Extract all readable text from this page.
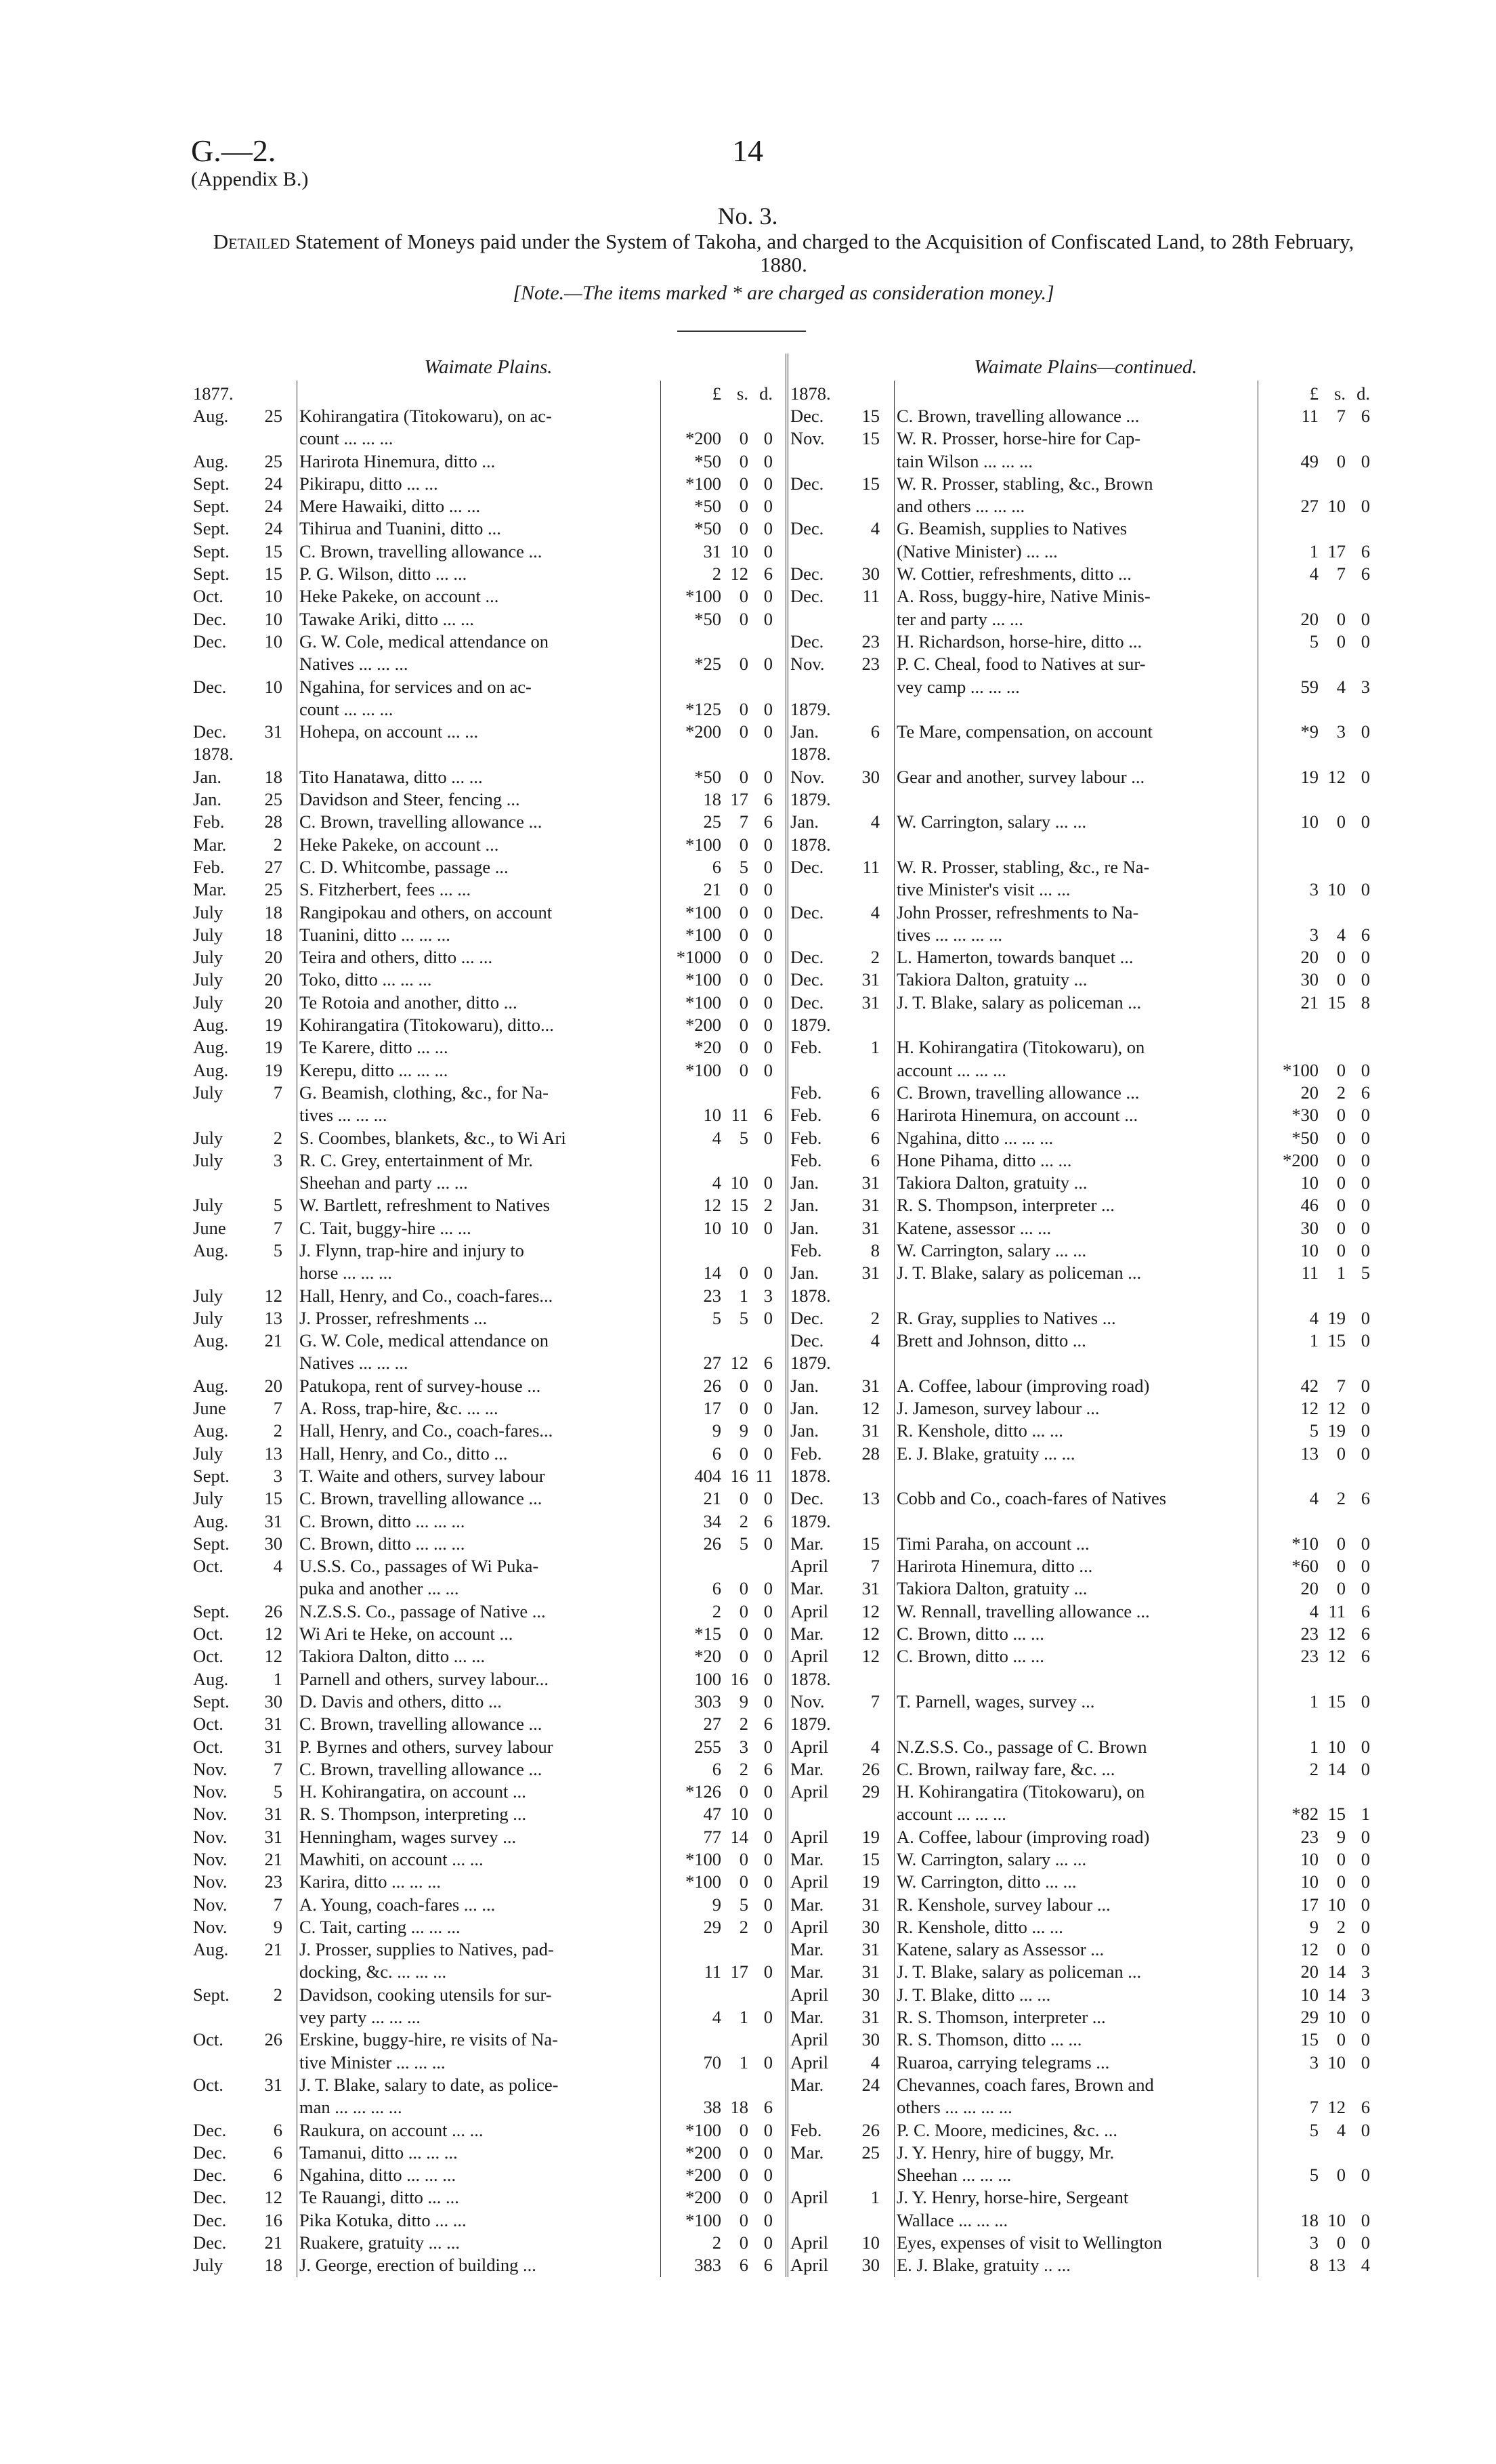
G.—2.
(Appendix B.)
14
No. 3.
Detailed Statement of Moneys paid under the System of Takoha, and charged to the Acquisition of Confiscated Land, to 28th February, 1880.
[Note.—The items marked * are charged as consideration money.]
Waimate Plains.
1877.		£ s. d.
Aug. 25	Kohirangatira (Titokowaru), on ac-	
	count ... ... ...	*200 0 0
Aug. 25	Harirota Hinemura, ditto ...	*50 0 0
Sept. 24	Pikirapu, ditto ... ...	*100 0 0
Sept. 24	Mere Hawaiki, ditto ... ...	*50 0 0
Sept. 24	Tihirua and Tuanini, ditto ...	*50 0 0
Sept. 15	C. Brown, travelling allowance ...	31 10 0
Sept. 15	P. G. Wilson, ditto ... ...	2 12 6
Oct. 10	Heke Pakeke, on account ...	*100 0 0
Dec. 10	Tawake Ariki, ditto ... ...	*50 0 0
Dec. 10	G. W. Cole, medical attendance on	
	Natives ... ... ...	*25 0 0
Dec. 10	Ngahina, for services and on ac-	
	count ... ... ...	*125 0 0
Dec. 31	Hohepa, on account ... ...	*200 0 0
1878.		
Jan. 18	Tito Hanatawa, ditto ... ...	*50 0 0
Jan. 25	Davidson and Steer, fencing ...	18 17 6
Feb. 28	C. Brown, travelling allowance ...	25 7 6
Mar. 2	Heke Pakeke, on account ...	*100 0 0
Feb. 27	C. D. Whitcombe, passage ...	6 5 0
Mar. 25	S. Fitzherbert, fees ... ...	21 0 0
July 18	Rangipokau and others, on account	*100 0 0
July 18	Tuanini, ditto ... ... ...	*100 0 0
July 20	Teira and others, ditto ... ...	*1000 0 0
July 20	Toko, ditto ... ... ...	*100 0 0
July 20	Te Rotoia and another, ditto ...	*100 0 0
Aug. 19	Kohirangatira (Titokowaru), ditto...	*200 0 0
Aug. 19	Te Karere, ditto ... ...	*20 0 0
Aug. 19	Kerepu, ditto ... ... ...	*100 0 0
July 7	G. Beamish, clothing, &c., for Na-	
	tives ... ... ...	10 11 6
July 2	S. Coombes, blankets, &c., to Wi Ari	4 5 0
July 3	R. C. Grey, entertainment of Mr.	
	Sheehan and party ... ...	4 10 0
July 5	W. Bartlett, refreshment to Natives	12 15 2
June 7	C. Tait, buggy-hire ... ...	10 10 0
Aug. 5	J. Flynn, trap-hire and injury to	
	horse ... ... ...	14 0 0
July 12	Hall, Henry, and Co., coach-fares...	23 1 3
July 13	J. Prosser, refreshments ...	5 5 0
Aug. 21	G. W. Cole, medical attendance on	
	Natives ... ... ...	27 12 6
Aug. 20	Patukopa, rent of survey-house ...	26 0 0
June 7	A. Ross, trap-hire, &c. ... ...	17 0 0
Aug. 2	Hall, Henry, and Co., coach-fares...	9 9 0
July 13	Hall, Henry, and Co., ditto ...	6 0 0
Sept. 3	T. Waite and others, survey labour	404 16 11
July 15	C. Brown, travelling allowance ...	21 0 0
Aug. 31	C. Brown, ditto ... ... ...	34 2 6
Sept. 30	C. Brown, ditto ... ... ...	26 5 0
Oct. 4	U.S.S. Co., passages of Wi Puka-	
	puka and another ... ...	6 0 0
Sept. 26	N.Z.S.S. Co., passage of Native ...	2 0 0
Oct. 12	Wi Ari te Heke, on account ...	*15 0 0
Oct. 12	Takiora Dalton, ditto ... ...	*20 0 0
Aug. 1	Parnell and others, survey labour...	100 16 0
Sept. 30	D. Davis and others, ditto ...	303 9 0
Oct. 31	C. Brown, travelling allowance ...	27 2 6
Oct. 31	P. Byrnes and others, survey labour	255 3 0
Nov. 7	C. Brown, travelling allowance ...	6 2 6
Nov. 5	H. Kohirangatira, on account ...	*126 0 0
Nov. 31	R. S. Thompson, interpreting ...	47 10 0
Nov. 31	Henningham, wages survey ...	77 14 0
Nov. 21	Mawhiti, on account ... ...	*100 0 0
Nov. 23	Karira, ditto ... ... ...	*100 0 0
Nov. 7	A. Young, coach-fares ... ...	9 5 0
Nov. 9	C. Tait, carting ... ... ...	29 2 0
Aug. 21	J. Prosser, supplies to Natives, pad-	
	docking, &c. ... ... ...	11 17 0
Sept. 2	Davidson, cooking utensils for sur-	
	vey party ... ... ...	4 1 0
Oct. 26	Erskine, buggy-hire, re visits of Na-	
	tive Minister ... ... ...	70 1 0
Oct. 31	J. T. Blake, salary to date, as police-	
	man ... ... ... ...	38 18 6
Dec. 6	Raukura, on account ... ...	*100 0 0
Dec. 6	Tamanui, ditto ... ... ...	*200 0 0
Dec. 6	Ngahina, ditto ... ... ...	*200 0 0
Dec. 12	Te Rauangi, ditto ... ...	*200 0 0
Dec. 16	Pika Kotuka, ditto ... ...	*100 0 0
Dec. 21	Ruakere, gratuity ... ...	2 0 0
July 18	J. George, erection of building ...	383 6 6
Waimate Plains—continued.
1878.		£ s. d.
Dec. 15	C. Brown, travelling allowance ...	11 7 6
Nov. 15	W. R. Prosser, horse-hire for Cap-	
	tain Wilson ... ... ...	49 0 0
Dec. 15	W. R. Prosser, stabling, &c., Brown	
	and others ... ... ...	27 10 0
Dec. 4	G. Beamish, supplies to Natives	
	(Native Minister) ... ...	1 17 6
Dec. 30	W. Cottier, refreshments, ditto ...	4 7 6
Dec. 11	A. Ross, buggy-hire, Native Minis-	
	ter and party ... ...	20 0 0
Dec. 23	H. Richardson, horse-hire, ditto ...	5 0 0
Nov. 23	P. C. Cheal, food to Natives at sur-	
	vey camp ... ... ...	59 4 3
1879.		
Jan. 6	Te Mare, compensation, on account	*9 3 0
1878.		
Nov. 30	Gear and another, survey labour ...	19 12 0
1879.		
Jan. 4	W. Carrington, salary ... ...	10 0 0
1878.		
Dec. 11	W. R. Prosser, stabling, &c., re Na-	
	tive Minister's visit ... ...	3 10 0
Dec. 4	John Prosser, refreshments to Na-	
	tives ... ... ... ...	3 4 6
Dec. 2	L. Hamerton, towards banquet ...	20 0 0
Dec. 31	Takiora Dalton, gratuity ...	30 0 0
Dec. 31	J. T. Blake, salary as policeman ...	21 15 8
1879.		
Feb. 1	H. Kohirangatira (Titokowaru), on	
	account ... ... ...	*100 0 0
Feb. 6	C. Brown, travelling allowance ...	20 2 6
Feb. 6	Harirota Hinemura, on account ...	*30 0 0
Feb. 6	Ngahina, ditto ... ... ...	*50 0 0
Feb. 6	Hone Pihama, ditto ... ...	*200 0 0
Jan. 31	Takiora Dalton, gratuity ...	10 0 0
Jan. 31	R. S. Thompson, interpreter ...	46 0 0
Jan. 31	Katene, assessor ... ...	30 0 0
Feb. 8	W. Carrington, salary ... ...	10 0 0
Jan. 31	J. T. Blake, salary as policeman ...	11 1 5
1878.		
Dec. 2	R. Gray, supplies to Natives ...	4 19 0
Dec. 4	Brett and Johnson, ditto ...	1 15 0
1879.		
Jan. 31	A. Coffee, labour (improving road)	42 7 0
Jan. 12	J. Jameson, survey labour ...	12 12 0
Jan. 31	R. Kenshole, ditto ... ...	5 19 0
Feb. 28	E. J. Blake, gratuity ... ...	13 0 0
1878.		
Dec. 13	Cobb and Co., coach-fares of Natives	4 2 6
1879.		
Mar. 15	Timi Paraha, on account ...	*10 0 0
April 7	Harirota Hinemura, ditto ...	*60 0 0
Mar. 31	Takiora Dalton, gratuity ...	20 0 0
April 12	W. Rennall, travelling allowance ...	4 11 6
Mar. 12	C. Brown, ditto ... ...	23 12 6
April 12	C. Brown, ditto ... ...	23 12 6
1878.		
Nov. 7	T. Parnell, wages, survey ...	1 15 0
1879.		
April 4	N.Z.S.S. Co., passage of C. Brown	1 10 0
Mar. 26	C. Brown, railway fare, &c. ...	2 14 0
April 29	H. Kohirangatira (Titokowaru), on	
	account ... ... ...	*82 15 1
April 19	A. Coffee, labour (improving road)	23 9 0
Mar. 15	W. Carrington, salary ... ...	10 0 0
April 19	W. Carrington, ditto ... ...	10 0 0
Mar. 31	R. Kenshole, survey labour ...	17 10 0
April 30	R. Kenshole, ditto ... ...	9 2 0
Mar. 31	Katene, salary as Assessor ...	12 0 0
Mar. 31	J. T. Blake, salary as policeman ...	20 14 3
April 30	J. T. Blake, ditto ... ...	10 14 3
Mar. 31	R. S. Thomson, interpreter ...	29 10 0
April 30	R. S. Thomson, ditto ... ...	15 0 0
April 4	Ruaroa, carrying telegrams ...	3 10 0
Mar. 24	Chevannes, coach fares, Brown and	
	others ... ... ... ...	7 12 6
Feb. 26	P. C. Moore, medicines, &c. ...	5 4 0
Mar. 25	J. Y. Henry, hire of buggy, Mr.	
	Sheehan ... ... ...	5 0 0
April 1	J. Y. Henry, horse-hire, Sergeant	
	Wallace ... ... ...	18 10 0
April 10	Eyes, expenses of visit to Wellington	3 0 0
April 30	E. J. Blake, gratuity .. ...	8 13 4
